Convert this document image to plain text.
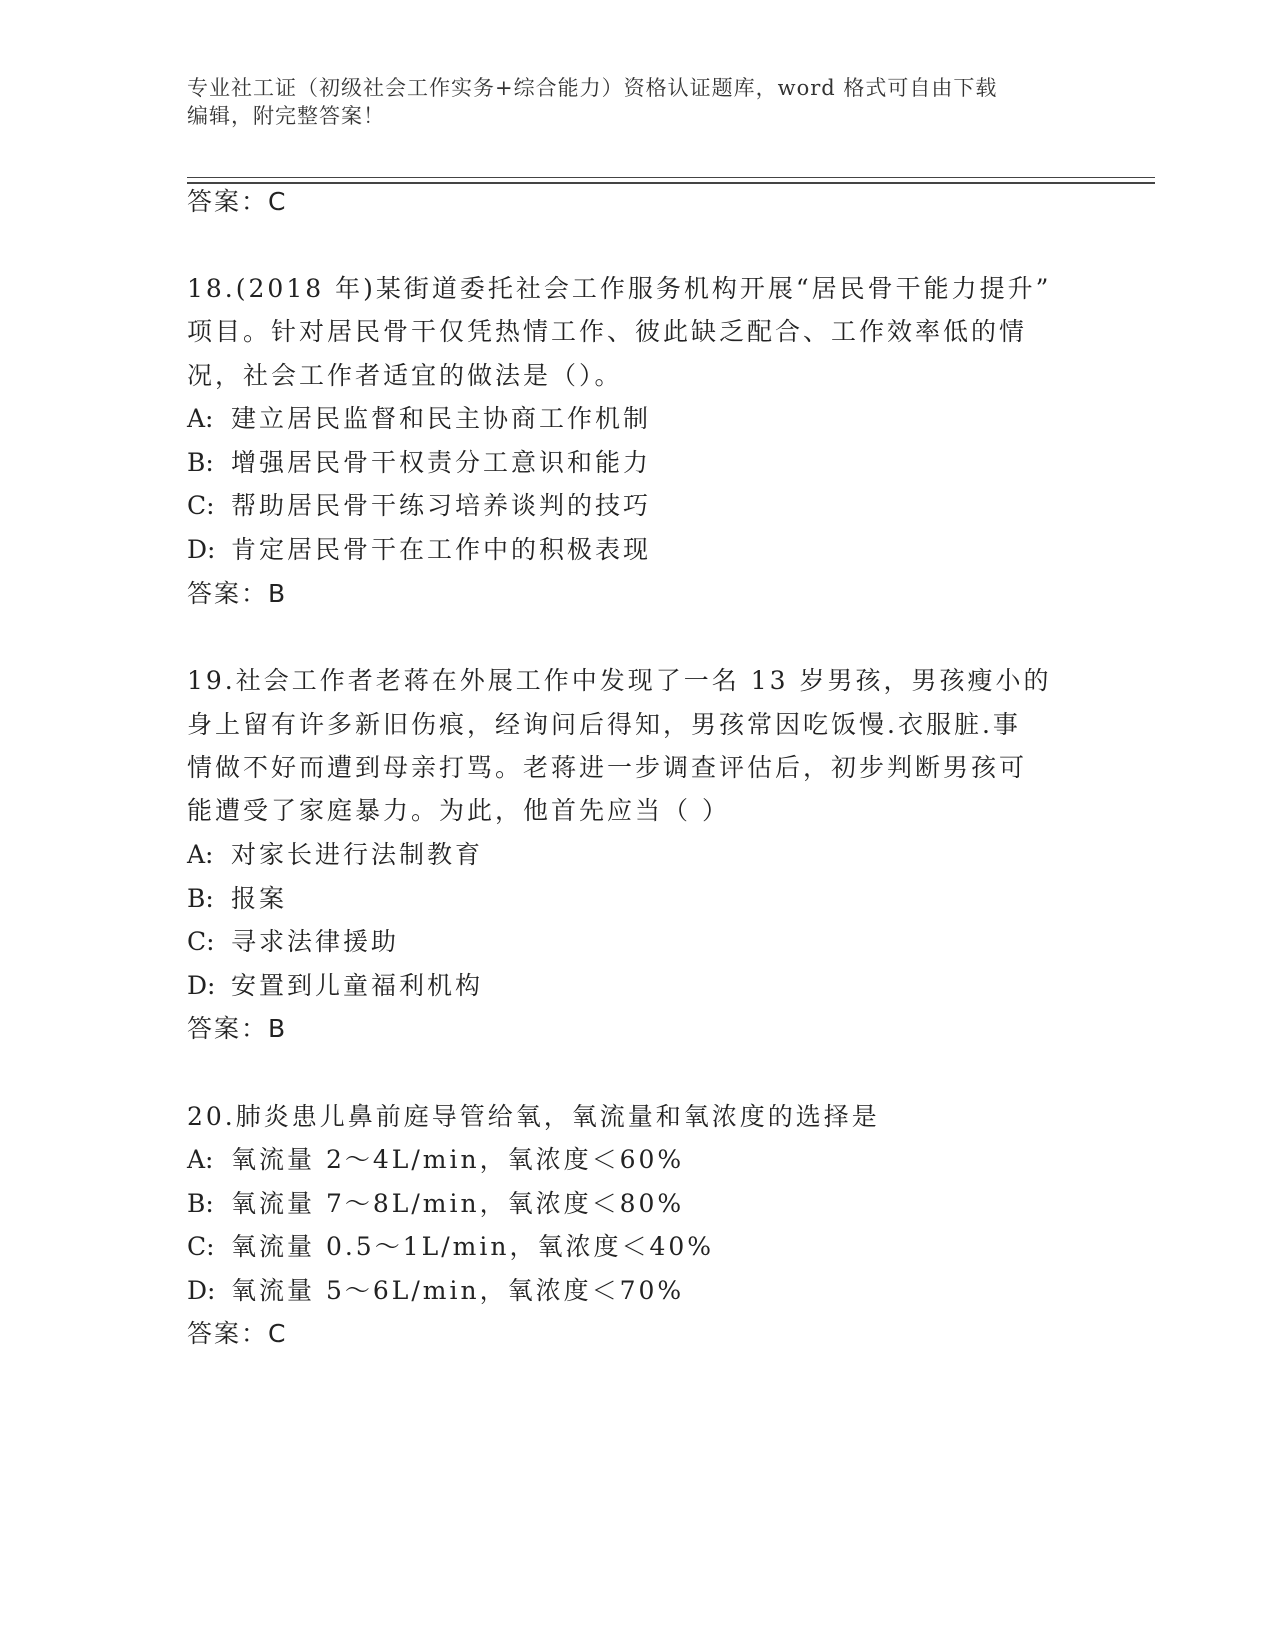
专业社工证（初级社会工作实务+综合能力）资格认证题库，word 格式可自由下载
编辑，附完整答案！
答案：C
18.(2018 年)某街道委托社会工作服务机构开展“居民骨干能力提升”
项目。针对居民骨干仅凭热情工作、彼此缺乏配合、工作效率低的情
况，社会工作者适宜的做法是（）。
A: 建立居民监督和民主协商工作机制
B: 增强居民骨干权责分工意识和能力
C: 帮助居民骨干练习培养谈判的技巧
D: 肯定居民骨干在工作中的积极表现
答案：B
19.社会工作者老蒋在外展工作中发现了一名 13 岁男孩，男孩瘦小的
身上留有许多新旧伤痕，经询问后得知，男孩常因吃饭慢.衣服脏.事
情做不好而遭到母亲打骂。老蒋进一步调查评估后，初步判断男孩可
能遭受了家庭暴力。为此，他首先应当（ ）
A: 对家长进行法制教育
B: 报案
C: 寻求法律援助
D: 安置到儿童福利机构
答案：B
20.肺炎患儿鼻前庭导管给氧，氧流量和氧浓度的选择是
A: 氧流量 2～4L/min，氧浓度＜60%
B: 氧流量 7～8L/min，氧浓度＜80%
C: 氧流量 0.5～1L/min，氧浓度＜40%
D: 氧流量 5～6L/min，氧浓度＜70%
答案：C
